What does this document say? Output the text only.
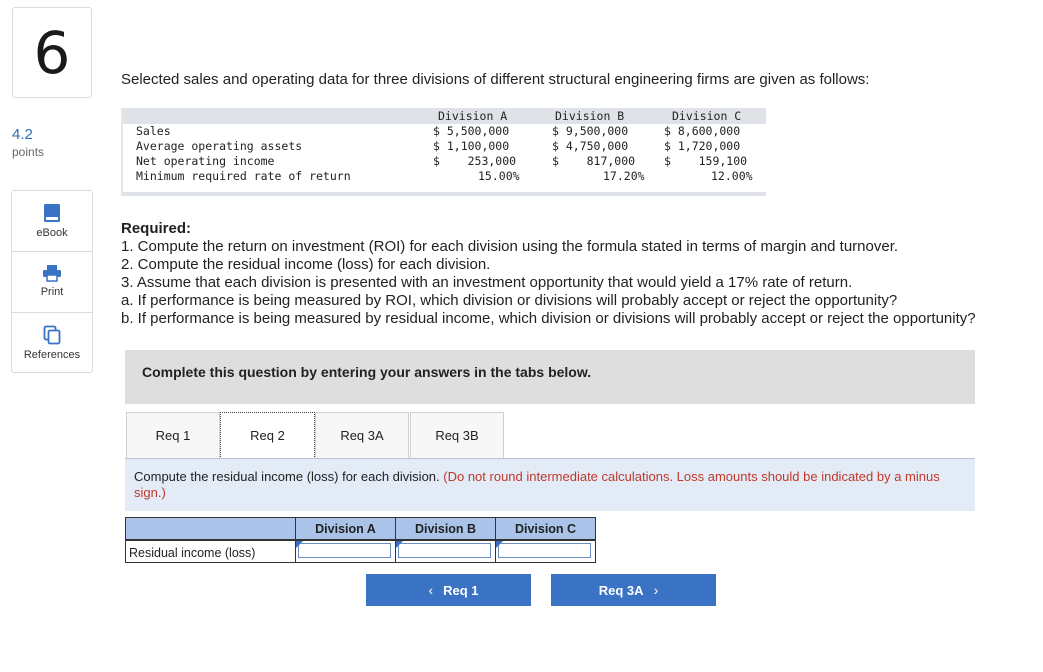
6
4.2
points
eBook
Print
References
Selected sales and operating data for three divisions of different structural engineering firms are given as follows:
Division A	Division B	Division C
Sales	$ 5,500,000	$ 9,500,000	$ 8,600,000
Average operating assets	$ 1,100,000	$ 4,750,000	$ 1,720,000
Net operating income	$    253,000	$    817,000	$    159,100
Minimum required rate of return	15.00%	17.20%	12.00%
Required:
1. Compute the return on investment (ROI) for each division using the formula stated in terms of margin and turnover.
2. Compute the residual income (loss) for each division.
3. Assume that each division is presented with an investment opportunity that would yield a 17% rate of return.
a. If performance is being measured by ROI, which division or divisions will probably accept or reject the opportunity?
b. If performance is being measured by residual income, which division or divisions will probably accept or reject the opportunity?
Complete this question by entering your answers in the tabs below.
Req 1	Req 2	Req 3A	Req 3B
Compute the residual income (loss) for each division. (Do not round intermediate calculations. Loss amounts should be indicated by a minus sign.)
Division A	Division B	Division C
Residual income (loss)
‹ Req 1	Req 3A ›
